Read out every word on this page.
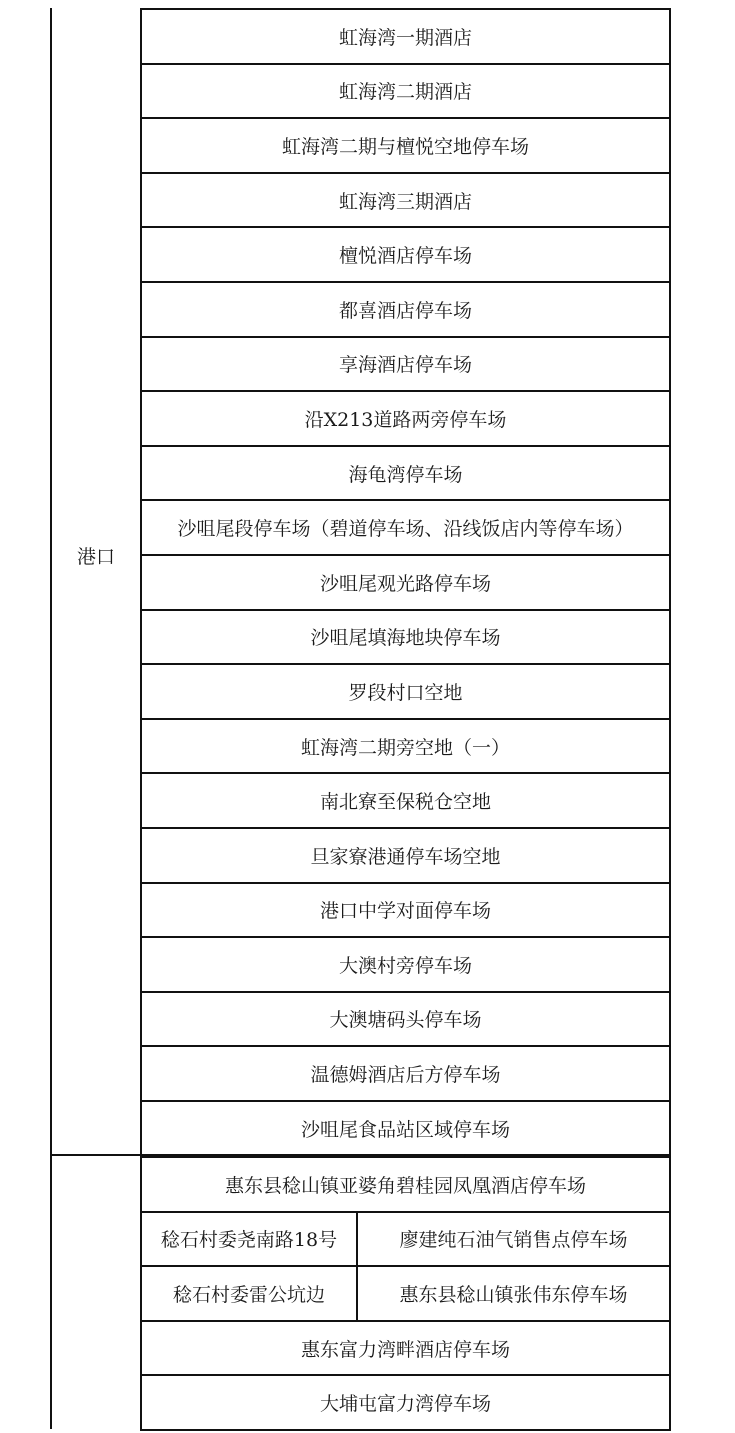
港口
虹海湾一期酒店
虹海湾二期酒店
虹海湾二期与檀悦空地停车场
虹海湾三期酒店
檀悦酒店停车场
都喜酒店停车场
享海酒店停车场
沿X213道路两旁停车场
海龟湾停车场
沙咀尾段停车场（碧道停车场、沿线饭店内等停车场）
沙咀尾观光路停车场
沙咀尾填海地块停车场
罗段村口空地
虹海湾二期旁空地（一）
南北寮至保税仓空地
旦家寮港通停车场空地
港口中学对面停车场
大澳村旁停车场
大澳塘码头停车场
温德姆酒店后方停车场
沙咀尾食品站区域停车场
惠东县稔山镇亚婆角碧桂园凤凰酒店停车场	
稔石村委尧南路18号	廖建纯石油气销售点停车场
稔石村委雷公坑边	惠东县稔山镇张伟东停车场
惠东富力湾畔酒店停车场	
大埔屯富力湾停车场	
